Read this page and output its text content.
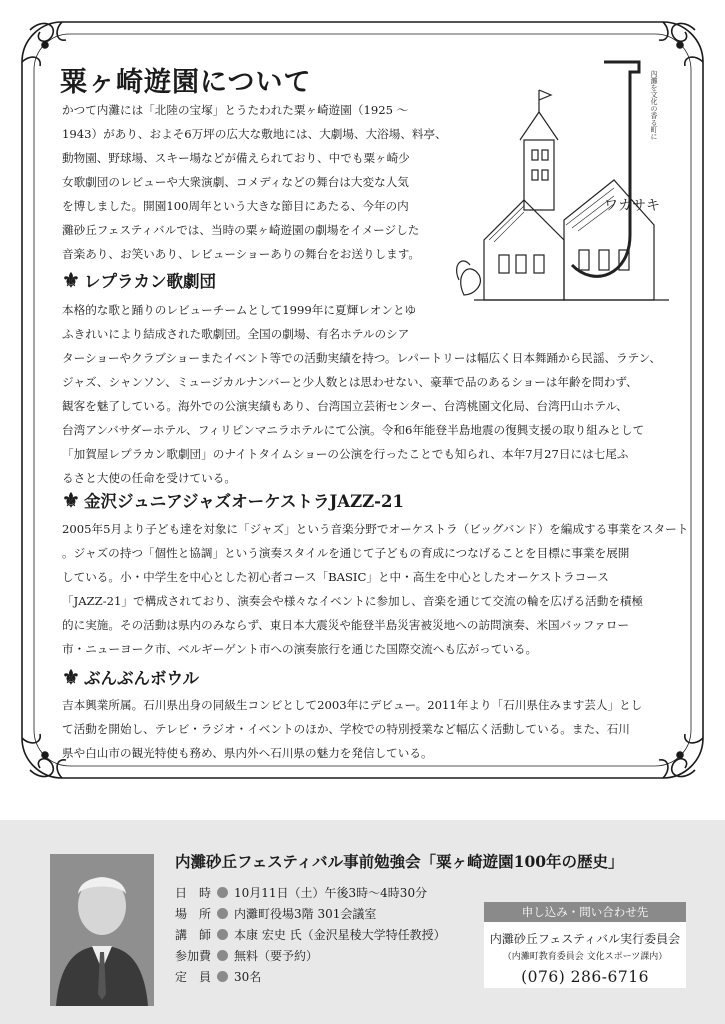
粟ヶ崎遊園について
かつて内灘には「北陸の宝塚」とうたわれた粟ヶ崎遊園（1925 ～
1943）があり、およそ6万坪の広大な敷地には、大劇場、大浴場、料亭、
動物園、野球場、スキー場などが備えられており、中でも粟ヶ崎少
女歌劇団のレビューや大衆演劇、コメディなどの舞台は大変な人気
を博しました。開園100周年という大きな節目にあたる、今年の内
灘砂丘フェスティバルでは、当時の粟ヶ崎遊園の劇場をイメージした
音楽あり、お笑いあり、レビューショーありの舞台をお送りします。
ワカサキ
內灘を文化の香る町に
⚜ レプラカン歌劇団
本格的な歌と踊りのレビューチームとして1999年に夏輝レオンとゆ
ふきれいにより結成された歌劇団。全国の劇場、有名ホテルのシア
ターショーやクラブショーまたイベント等での活動実績を持つ。レパートリーは幅広く日本舞踊から民謡、ラテン、
ジャズ、シャンソン、ミュージカルナンバーと少人数とは思わせない、豪華で品のあるショーは年齢を問わず、
観客を魅了している。海外での公演実績もあり、台湾国立芸術センター、台湾桃園文化局、台湾円山ホテル、
台湾アンバサダーホテル、フィリピンマニラホテルにて公演。令和6年能登半島地震の復興支援の取り組みとして
「加賀屋レプラカン歌劇団」のナイトタイムショーの公演を行ったことでも知られ、本年7月27日には七尾ふ
るさと大使の任命を受けている。
⚜ 金沢ジュニアジャズオーケストラJAZZ-21
2005年5月より子ども達を対象に「ジャズ」という音楽分野でオーケストラ（ビッグバンド）を編成する事業をスタート
。ジャズの持つ「個性と協調」という演奏スタイルを通じて子どもの育成につなげることを目標に事業を展開
している。小・中学生を中心とした初心者コース「BASIC」と中・高生を中心としたオーケストラコース
「JAZZ-21」で構成されており、演奏会や様々なイベントに参加し、音楽を通じて交流の輪を広げる活動を積極
的に実施。その活動は県内のみならず、東日本大震災や能登半島災害被災地への訪問演奏、米国バッファロー
市・ニューヨーク市、ベルギーゲント市への演奏旅行を通じた国際交流へも広がっている。
⚜ ぶんぶんボウル
吉本興業所属。石川県出身の同級生コンビとして2003年にデビュー。2011年より「石川県住みます芸人」とし
て活動を開始し、テレビ・ラジオ・イベントのほか、学校での特別授業など幅広く活動している。また、石川
県や白山市の観光特使も務め、県内外へ石川県の魅力を発信している。
内灘砂丘フェスティバル事前勉強会「粟ヶ崎遊園100年の歴史」
日　時 10月11日（土）午後3時～4時30分
場　所 内灘町役場3階 301会議室
講　師 本康 宏史 氏（金沢星稜大学特任教授）
参加費 無料（要予約）
定　員 30名
申し込み・問い合わせ先
内灘砂丘フェスティバル実行委員会
（内灘町教育委員会 文化スポーツ課内）
(076) 286-6716
